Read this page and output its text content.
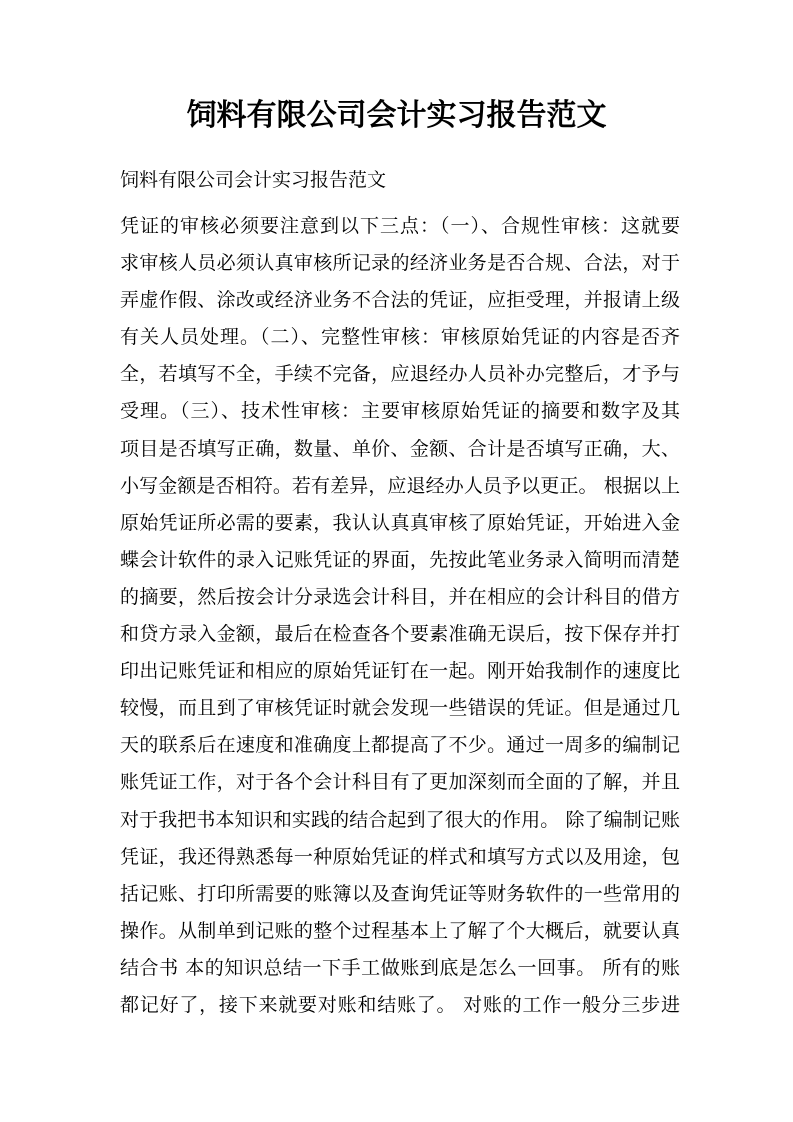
饲料有限公司会计实习报告范文

饲料有限公司会计实习报告范文

凭证的审核必须要注意到以下三点：（一）、合规性审核：这就要
求审核人员必须认真审核所记录的经济业务是否合规、合法，对于
弄虚作假、涂改或经济业务不合法的凭证，应拒受理，并报请上级
有关人员处理。（二）、完整性审核：审核原始凭证的内容是否齐
全，若填写不全，手续不完备，应退经办人员补办完整后，才予与
受理。（三）、技术性审核：主要审核原始凭证的摘要和数字及其
项目是否填写正确，数量、单价、金额、合计是否填写正确，大、
小写金额是否相符。若有差异，应退经办人员予以更正。 根据以上
原始凭证所必需的要素，我认认真真审核了原始凭证，开始进入金
蝶会计软件的录入记账凭证的界面，先按此笔业务录入简明而清楚
的摘要，然后按会计分录选会计科目，并在相应的会计科目的借方
和贷方录入金额，最后在检查各个要素准确无误后，按下保存并打
印出记账凭证和相应的原始凭证钉在一起。刚开始我制作的速度比
较慢，而且到了审核凭证时就会发现一些错误的凭证。但是通过几
天的联系后在速度和准确度上都提高了不少。通过一周多的编制记
账凭证工作，对于各个会计科目有了更加深刻而全面的了解，并且
对于我把书本知识和实践的结合起到了很大的作用。 除了编制记账
凭证，我还得熟悉每一种原始凭证的样式和填写方式以及用途，包
括记账、打印所需要的账簿以及查询凭证等财务软件的一些常用的
操作。从制单到记账的整个过程基本上了解了个大概后，就要认真
结合书 本的知识总结一下手工做账到底是怎么一回事。 所有的账
都记好了，接下来就要对账和结账了。 对账的工作一般分三步进
